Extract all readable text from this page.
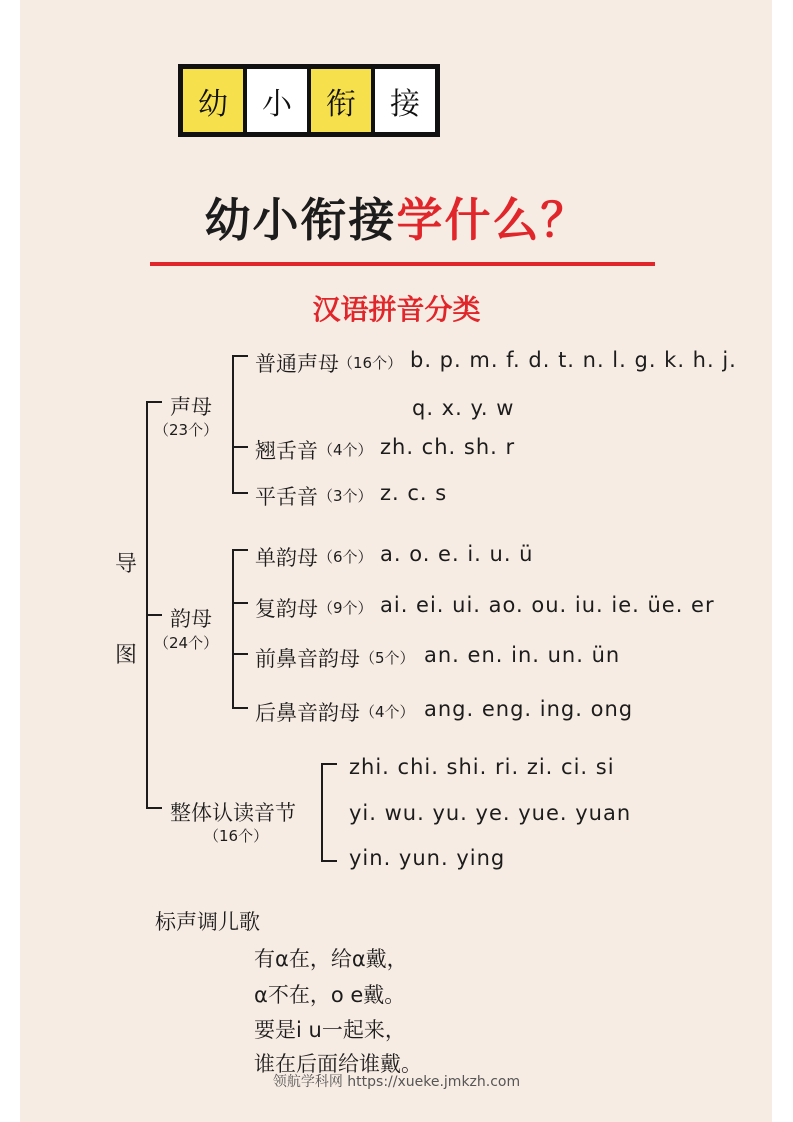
幼	小	衔	接
幼小衔接学什么？
汉语拼音分类
导
图
声母
（23个）
普通声母 （16个） b. p. m. f. d. t. n. l. g. k. h. j.
q. x. y. w
翘舌音 （4个） zh. ch. sh. r
平舌音 （3个） z. c. s
韵母
（24个）
单韵母 （6个） a. o. e. i. u. ü
复韵母 （9个） ai. ei. ui. ao. ou. iu. ie. üe. er
前鼻音韵母 （5个） an. en. in. un. ün
后鼻音韵母 （4个） ang. eng. ing. ong
整体认读音节
（16个）
zhi. chi. shi. ri. zi. ci. si
yi. wu. yu. ye. yue. yuan
yin. yun. ying
标声调儿歌
有α在，给α戴，
α不在，o e戴。
要是i u一起来，
谁在后面给谁戴。
领航学科网 https://xueke.jmkzh.com
